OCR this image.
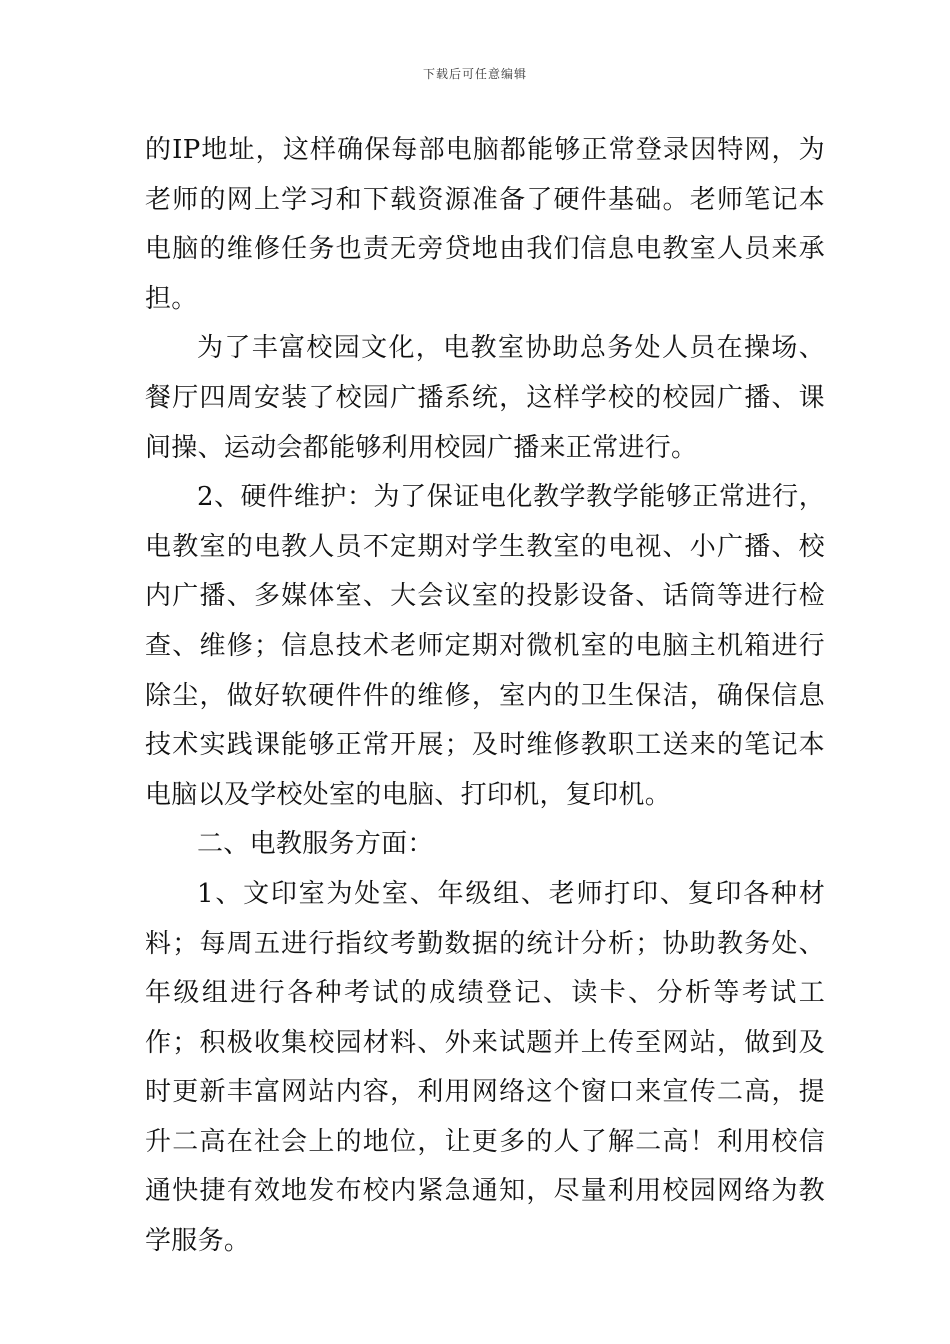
下载后可任意编辑

的IP地址，这样确保每部电脑都能够正常登录因特网，为老师的网上学习和下载资源准备了硬件基础。老师笔记本电脑的维修任务也责无旁贷地由我们信息电教室人员来承担。

为了丰富校园文化，电教室协助总务处人员在操场、餐厅四周安装了校园广播系统，这样学校的校园广播、课间操、运动会都能够利用校园广播来正常进行。

2、硬件维护：为了保证电化教学教学能够正常进行，电教室的电教人员不定期对学生教室的电视、小广播、校内广播、多媒体室、大会议室的投影设备、话筒等进行检查、维修；信息技术老师定期对微机室的电脑主机箱进行除尘，做好软硬件件的维修，室内的卫生保洁，确保信息技术实践课能够正常开展；及时维修教职工送来的笔记本电脑以及学校处室的电脑、打印机，复印机。

二、电教服务方面：

1、文印室为处室、年级组、老师打印、复印各种材料；每周五进行指纹考勤数据的统计分析；协助教务处、年级组进行各种考试的成绩登记、读卡、分析等考试工作；积极收集校园材料、外来试题并上传至网站，做到及时更新丰富网站内容，利用网络这个窗口来宣传二高，提升二高在社会上的地位，让更多的人了解二高！利用校信通快捷有效地发布校内紧急通知，尽量利用校园网络为教学服务。
